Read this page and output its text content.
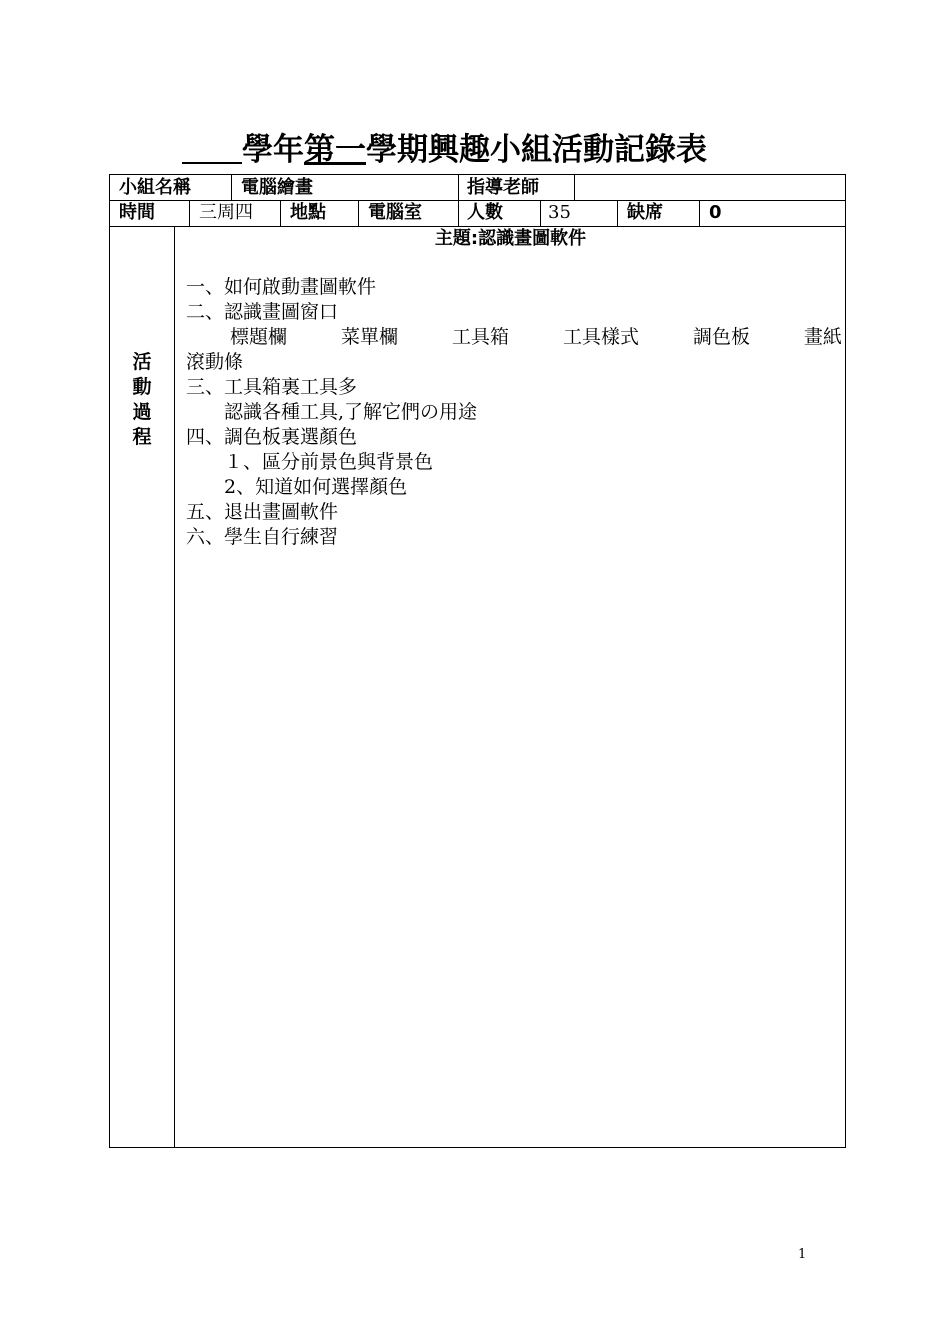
學年第一學期興趣小組活動記錄表
小組名稱	電腦繪畫	指導老師
時間 三周四 地點 電腦室	人數	35	缺席	0
活
動
過
程
主題:認識畫圖軟件
一、如何啟動畫圖軟件
二、認識畫圖窗口
標題欄	菜單欄	工具箱	工具樣式	調色板	畫紙
滾動條
三、工具箱裏工具多
　　認識各種工具,了解它們の用途
四、調色板裏選顏色
　　１、區分前景色與背景色
　　2、知道如何選擇顏色
五、退出畫圖軟件
六、學生自行練習
1
